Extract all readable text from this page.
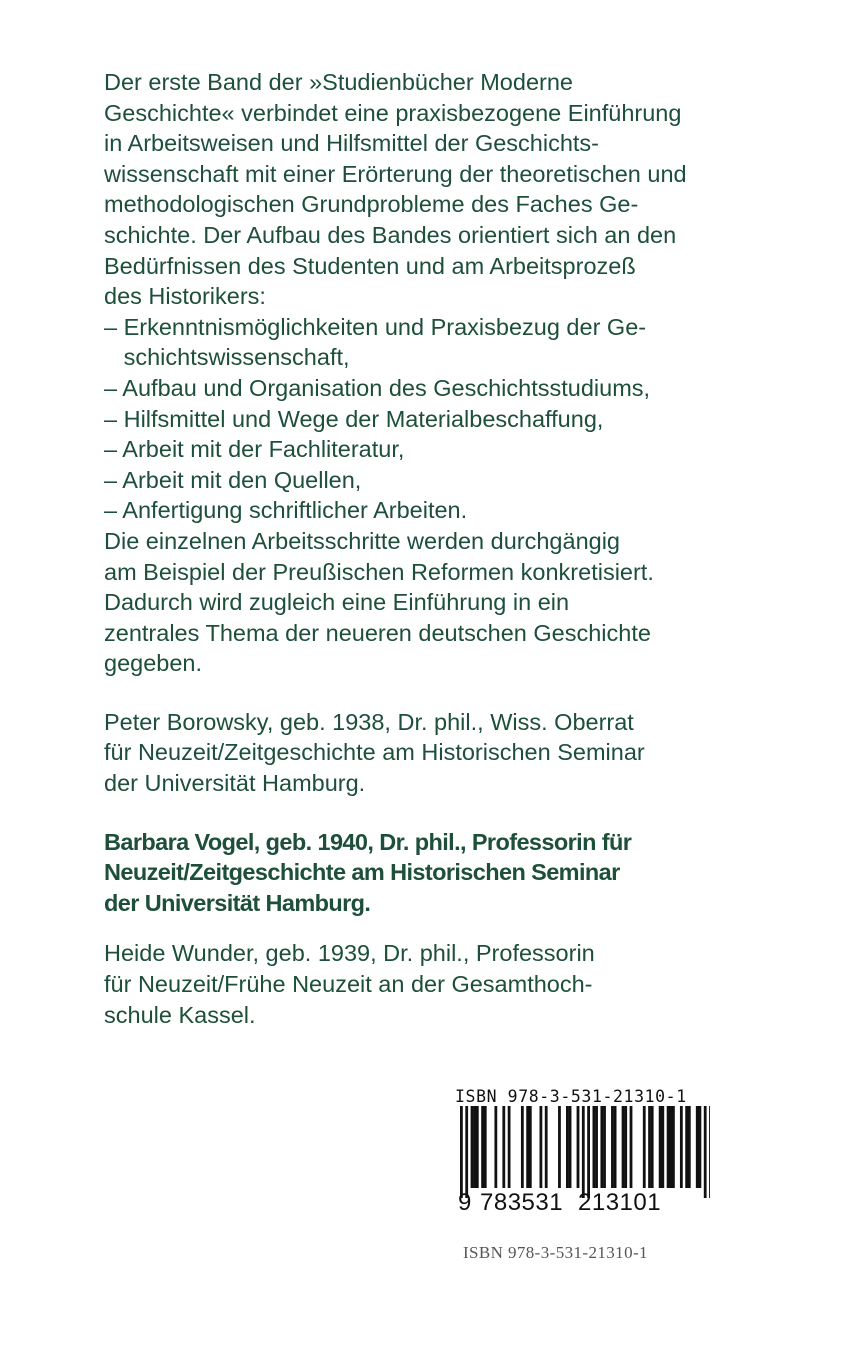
Der erste Band der »Studienbücher Moderne
Geschichte« verbindet eine praxisbezogene Einführung
in Arbeitsweisen und Hilfsmittel der Geschichts-
wissenschaft mit einer Erörterung der theoretischen und
methodologischen Grundprobleme des Faches Ge-
schichte. Der Aufbau des Bandes orientiert sich an den
Bedürfnissen des Studenten und am Arbeitsprozeß
des Historikers:
– Erkenntnismöglichkeiten und Praxisbezug der Ge-
schichtswissenschaft,
– Aufbau und Organisation des Geschichtsstudiums,
– Hilfsmittel und Wege der Materialbeschaffung,
– Arbeit mit der Fachliteratur,
– Arbeit mit den Quellen,
– Anfertigung schriftlicher Arbeiten.
Die einzelnen Arbeitsschritte werden durchgängig
am Beispiel der Preußischen Reformen konkretisiert.
Dadurch wird zugleich eine Einführung in ein
zentrales Thema der neueren deutschen Geschichte
gegeben.
Peter Borowsky, geb. 1938, Dr. phil., Wiss. Oberrat
für Neuzeit/Zeitgeschichte am Historischen Seminar
der Universität Hamburg.
Barbara Vogel, geb. 1940, Dr. phil., Professorin für
Neuzeit/Zeitgeschichte am Historischen Seminar
der Universität Hamburg.
Heide Wunder, geb. 1939, Dr. phil., Professorin
für Neuzeit/Frühe Neuzeit an der Gesamthoch-
schule Kassel.
ISBN 978-3-531-21310-1
9 783531 213101
ISBN 978-3-531-21310-1
